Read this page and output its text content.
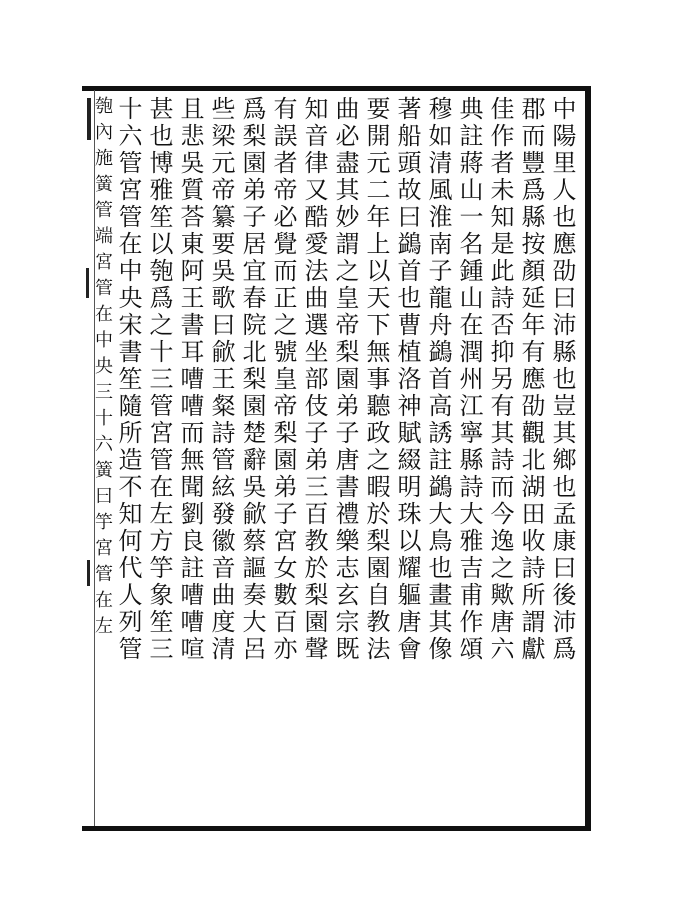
中陽里人也應劭曰沛縣也豈其鄉也孟康曰後沛爲
郡而豐爲縣按顏延年有應劭觀北湖田收詩所謂獻
佳作者未知是此詩否抑另有其詩而今逸之歟唐六
典註蔣山一名鍾山在潤州江寧縣詩大雅吉甫作頌
穆如清風淮南子龍舟鷁首高誘註鷁大鳥也畫其像
著船頭故曰鷁首也曹植洛神賦綴明珠以耀軀唐會
要開元二年上以天下無事聽政之暇於梨園自教法
曲必盡其妙謂之皇帝梨園弟子唐書禮樂志玄宗既
知音律又酷愛法曲選坐部伎子弟三百教於梨園聲
有誤者帝必覺而正之號皇帝梨園弟子宮女數百亦
爲梨園弟子居宜春院北梨園楚辭吳歈蔡謳奏大呂
些梁元帝纂要吳歌曰歈王粲詩管絃發徽音曲度清
且悲吳質荅東阿王書耳嘈嘈而無聞劉良註嘈嘈喧
甚也博雅笙以匏爲之十三管宮管在左方竽象笙三
十六管宮管在中央宋書笙隨所造不知何代人列管
匏內施簧管端宮管在中央三十六簧曰竽宮管在左
